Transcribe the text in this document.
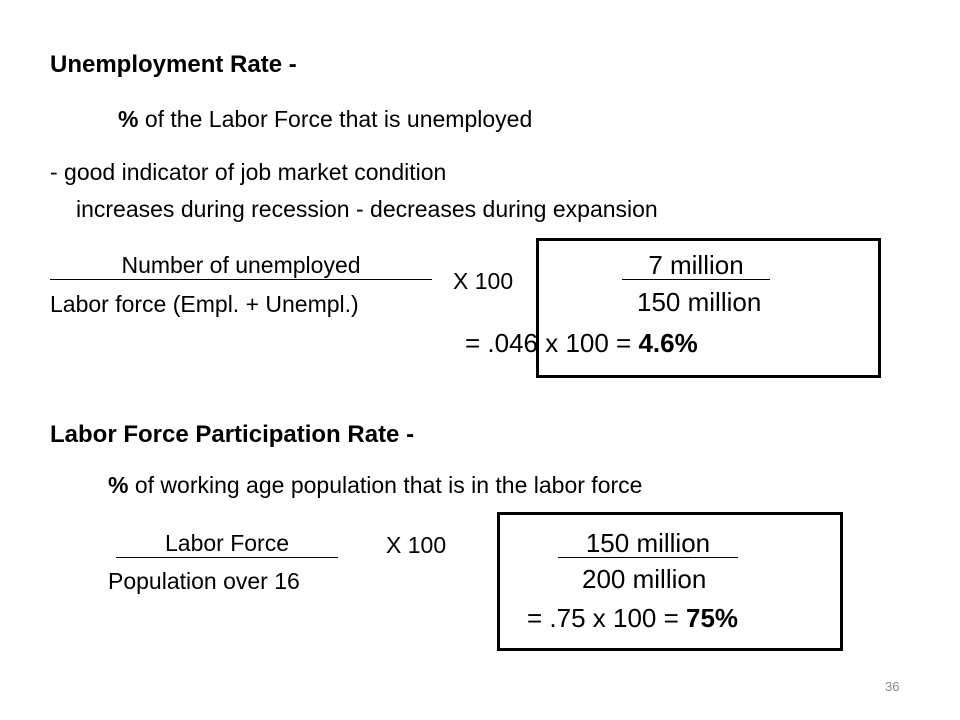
Unemployment Rate -
% of the Labor Force that is unemployed
- good indicator of job market condition
increases during recession - decreases during expansion
Number of unemployed
Labor force (Empl. + Unempl.)
X 100
7 million
150 million
= .046 x 100 = 4.6%
Labor Force Participation Rate -
% of working age population that is in the labor force
Labor Force
Population over 16
X 100	150 million
200 million
= .75 x 100 = 75%
36
